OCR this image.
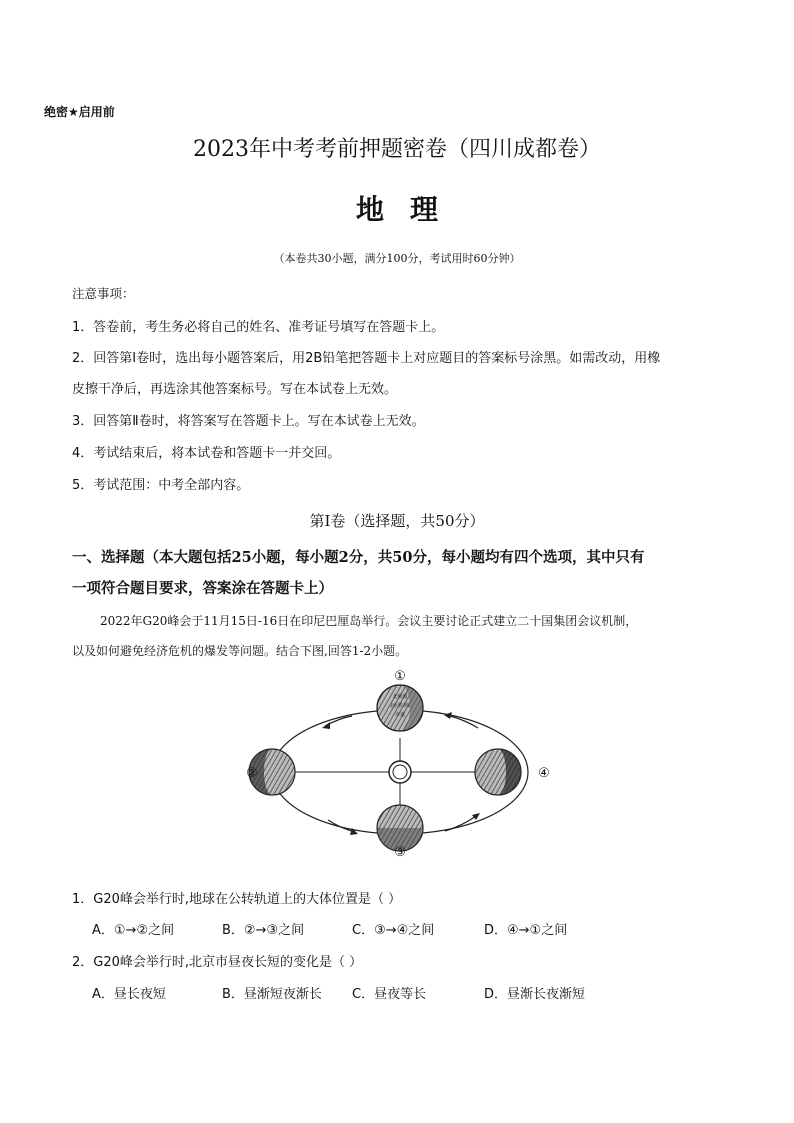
绝密★启用前
2023年中考考前押题密卷（四川成都卷）
地理
（本卷共30小题，满分100分，考试用时60分钟）
注意事项：
1．答卷前，考生务必将自己的姓名、准考证号填写在答题卡上。
2．回答第Ⅰ卷时，选出每小题答案后，用2B铅笔把答题卡上对应题目的答案标号涂黑。如需改动，用橡
皮擦干净后，再选涂其他答案标号。写在本试卷上无效。
3．回答第Ⅱ卷时，将答案写在答题卡上。写在本试卷上无效。
4．考试结束后，将本试卷和答题卡一并交回。
5．考试范围：中考全部内容。
第Ⅰ卷（选择题，共50分）
一、选择题（本大题包括25小题，每小题2分，共50分，每小题均有四个选项，其中只有
一项符合题目要求，答案涂在答题卡上）
2022年G20峰会于11月15日-16日在印尼巴厘岛举行。会议主要讨论正式建立二十国集团会议机制，
以及如何避免经济危机的爆发等问题。结合下图,回答1-2小题。
北极圈
北回归线
赤道
①
②
③
④
1．G20峰会举行时,地球在公转轨道上的大体位置是（ ）
A．①→②之间	B．②→③之间	C．③→④之间	D．④→①之间
2．G20峰会举行时,北京市昼夜长短的变化是（ ）
A．昼长夜短	B．昼渐短夜渐长 C．昼夜等长	D．昼渐长夜渐短
